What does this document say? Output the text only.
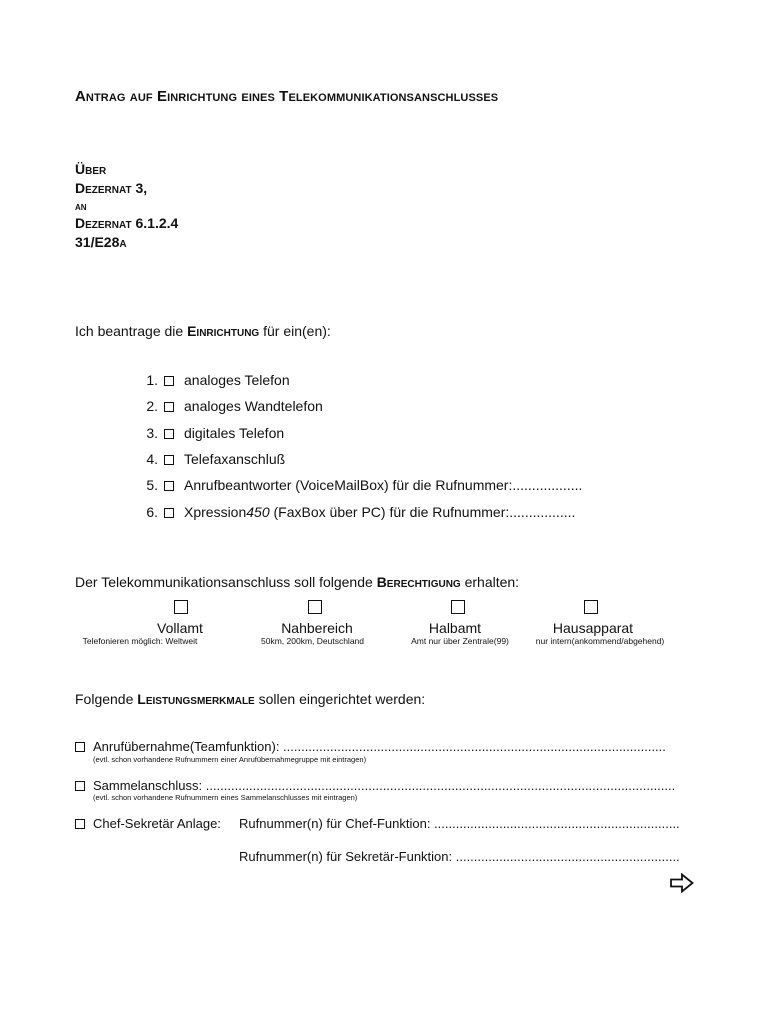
Antrag auf Einrichtung eines Telekommunikationsanschlusses
Über
Dezernat 3,
an
Dezernat 6.1.2.4
31/E28a
Ich beantrage die Einrichtung für ein(en):
1. analoges Telefon
2. analoges Wandtelefon
3. digitales Telefon
4. Telefaxanschluß
5. Anrufbeantworter (VoiceMailBox) für die Rufnummer:..................
6. Xpression450 (FaxBox über PC) für die Rufnummer:.................
Der Telekommunikationsanschluss soll folgende Berechtigung erhalten:
Vollamt	Nahbereich	Halbamt	Hausapparat
Telefonieren möglich: Weltweit	50km, 200km, Deutschland	Amt nur über Zentrale(99)	nur intern(ankommend/abgehend)
Folgende Leistungsmerkmale sollen eingerichtet werden:
Anrufübernahme(Teamfunktion): ..........................................................................................................
(evtl. schon vorhandene Rufnummern einer Anrufübernahmegruppe mit eintragen)
Sammelanschluss: ..................................................................................................................................
(evtl. schon vorhandene Rufnummern eines Sammelanschlusses mit eintragen)
Chef-Sekretär Anlage: Rufnummer(n) für Chef-Funktion: ....................................................................
Rufnummer(n) für Sekretär-Funktion: ..............................................................
